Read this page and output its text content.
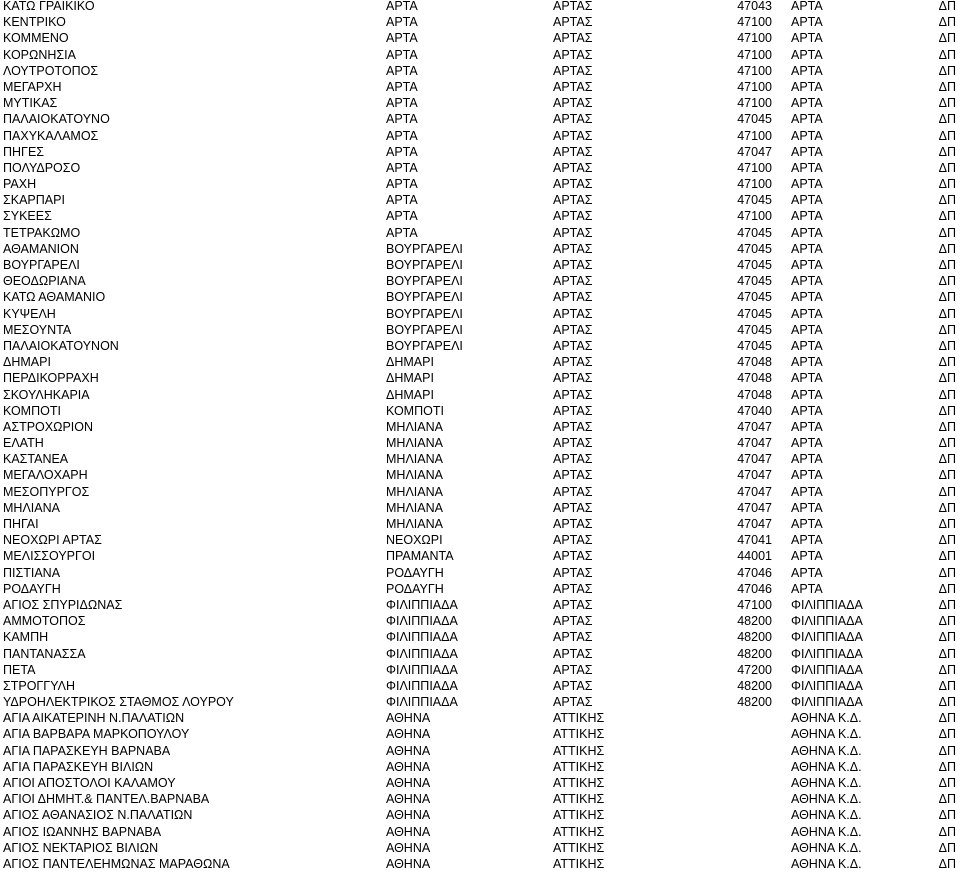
ΚΑΤΩ ΓΡΑΙΚΙΚΟ	ΑΡΤΑ	ΑΡΤΑΣ	47043 ΑΡΤΑ	ΔΠ
ΚΕΝΤΡΙΚΟ	ΑΡΤΑ	ΑΡΤΑΣ	47100 ΑΡΤΑ	ΔΠ
ΚΟΜΜΕΝΟ	ΑΡΤΑ	ΑΡΤΑΣ	47100 ΑΡΤΑ	ΔΠ
ΚΟΡΩΝΗΣΙΑ	ΑΡΤΑ	ΑΡΤΑΣ	47100 ΑΡΤΑ	ΔΠ
ΛΟΥΤΡΟΤΟΠΟΣ	ΑΡΤΑ	ΑΡΤΑΣ	47100 ΑΡΤΑ	ΔΠ
ΜΕΓΑΡΧΗ	ΑΡΤΑ	ΑΡΤΑΣ	47100 ΑΡΤΑ	ΔΠ
ΜΥΤΙΚΑΣ	ΑΡΤΑ	ΑΡΤΑΣ	47100 ΑΡΤΑ	ΔΠ
ΠΑΛΑΙΟΚΑΤΟΥΝΟ	ΑΡΤΑ	ΑΡΤΑΣ	47045 ΑΡΤΑ	ΔΠ
ΠΑΧΥΚΑΛΑΜΟΣ	ΑΡΤΑ	ΑΡΤΑΣ	47100 ΑΡΤΑ	ΔΠ
ΠΗΓΕΣ	ΑΡΤΑ	ΑΡΤΑΣ	47047 ΑΡΤΑ	ΔΠ
ΠΟΛΥΔΡΟΣΟ	ΑΡΤΑ	ΑΡΤΑΣ	47100 ΑΡΤΑ	ΔΠ
ΡΑΧΗ	ΑΡΤΑ	ΑΡΤΑΣ	47100 ΑΡΤΑ	ΔΠ
ΣΚΑΡΠΑΡΙ	ΑΡΤΑ	ΑΡΤΑΣ	47045 ΑΡΤΑ	ΔΠ
ΣΥΚΕΕΣ	ΑΡΤΑ	ΑΡΤΑΣ	47100 ΑΡΤΑ	ΔΠ
ΤΕΤΡΑΚΩΜΟ	ΑΡΤΑ	ΑΡΤΑΣ	47045 ΑΡΤΑ	ΔΠ
ΑΘΑΜΑΝΙΟΝ	ΒΟΥΡΓΑΡΕΛΙ	ΑΡΤΑΣ	47045 ΑΡΤΑ	ΔΠ
ΒΟΥΡΓΑΡΕΛΙ	ΒΟΥΡΓΑΡΕΛΙ	ΑΡΤΑΣ	47045 ΑΡΤΑ	ΔΠ
ΘΕΟΔΩΡΙΑΝΑ	ΒΟΥΡΓΑΡΕΛΙ	ΑΡΤΑΣ	47045 ΑΡΤΑ	ΔΠ
ΚΑΤΩ ΑΘΑΜΑΝΙΟ	ΒΟΥΡΓΑΡΕΛΙ	ΑΡΤΑΣ	47045 ΑΡΤΑ	ΔΠ
ΚΥΨΕΛΗ	ΒΟΥΡΓΑΡΕΛΙ	ΑΡΤΑΣ	47045 ΑΡΤΑ	ΔΠ
ΜΕΣΟΥΝΤΑ	ΒΟΥΡΓΑΡΕΛΙ	ΑΡΤΑΣ	47045 ΑΡΤΑ	ΔΠ
ΠΑΛΑΙΟΚΑΤΟΥΝΟΝ	ΒΟΥΡΓΑΡΕΛΙ	ΑΡΤΑΣ	47045 ΑΡΤΑ	ΔΠ
ΔΗΜΑΡΙ	ΔΗΜΑΡΙ	ΑΡΤΑΣ	47048 ΑΡΤΑ	ΔΠ
ΠΕΡΔΙΚΟΡΡΑΧΗ	ΔΗΜΑΡΙ	ΑΡΤΑΣ	47048 ΑΡΤΑ	ΔΠ
ΣΚΟΥΛΗΚΑΡΙΑ	ΔΗΜΑΡΙ	ΑΡΤΑΣ	47048 ΑΡΤΑ	ΔΠ
ΚΟΜΠΟΤΙ	ΚΟΜΠΟΤΙ	ΑΡΤΑΣ	47040 ΑΡΤΑ	ΔΠ
ΑΣΤΡΟΧΩΡΙΟΝ	ΜΗΛΙΑΝΑ	ΑΡΤΑΣ	47047 ΑΡΤΑ	ΔΠ
ΕΛΑΤΗ	ΜΗΛΙΑΝΑ	ΑΡΤΑΣ	47047 ΑΡΤΑ	ΔΠ
ΚΑΣΤΑΝΕΑ	ΜΗΛΙΑΝΑ	ΑΡΤΑΣ	47047 ΑΡΤΑ	ΔΠ
ΜΕΓΑΛΟΧΑΡΗ	ΜΗΛΙΑΝΑ	ΑΡΤΑΣ	47047 ΑΡΤΑ	ΔΠ
ΜΕΣΟΠΥΡΓΟΣ	ΜΗΛΙΑΝΑ	ΑΡΤΑΣ	47047 ΑΡΤΑ	ΔΠ
ΜΗΛΙΑΝΑ	ΜΗΛΙΑΝΑ	ΑΡΤΑΣ	47047 ΑΡΤΑ	ΔΠ
ΠΗΓΑΙ	ΜΗΛΙΑΝΑ	ΑΡΤΑΣ	47047 ΑΡΤΑ	ΔΠ
ΝΕΟΧΩΡΙ ΑΡΤΑΣ	ΝΕΟΧΩΡΙ	ΑΡΤΑΣ	47041 ΑΡΤΑ	ΔΠ
ΜΕΛΙΣΣΟΥΡΓΟΙ	ΠΡΑΜΑΝΤΑ	ΑΡΤΑΣ	44001 ΑΡΤΑ	ΔΠ
ΠΙΣΤΙΑΝΑ	ΡΟΔΑΥΓΗ	ΑΡΤΑΣ	47046 ΑΡΤΑ	ΔΠ
ΡΟΔΑΥΓΗ	ΡΟΔΑΥΓΗ	ΑΡΤΑΣ	47046 ΑΡΤΑ	ΔΠ
ΑΓΙΟΣ ΣΠΥΡΙΔΩΝΑΣ	ΦΙΛΙΠΠΙΑΔΑ	ΑΡΤΑΣ	47100 ΦΙΛΙΠΠΙΑΔΑ	ΔΠ
ΑΜΜΟΤΟΠΟΣ	ΦΙΛΙΠΠΙΑΔΑ	ΑΡΤΑΣ	48200 ΦΙΛΙΠΠΙΑΔΑ	ΔΠ
ΚΑΜΠΗ	ΦΙΛΙΠΠΙΑΔΑ	ΑΡΤΑΣ	48200 ΦΙΛΙΠΠΙΑΔΑ	ΔΠ
ΠΑΝΤΑΝΑΣΣΑ	ΦΙΛΙΠΠΙΑΔΑ	ΑΡΤΑΣ	48200 ΦΙΛΙΠΠΙΑΔΑ	ΔΠ
ΠΕΤΑ	ΦΙΛΙΠΠΙΑΔΑ	ΑΡΤΑΣ	47200 ΦΙΛΙΠΠΙΑΔΑ	ΔΠ
ΣΤΡΟΓΓΥΛΗ	ΦΙΛΙΠΠΙΑΔΑ	ΑΡΤΑΣ	48200 ΦΙΛΙΠΠΙΑΔΑ	ΔΠ
ΥΔΡΟΗΛΕΚΤΡΙΚΟΣ ΣΤΑΘΜΟΣ ΛΟΥΡΟΥ	ΦΙΛΙΠΠΙΑΔΑ	ΑΡΤΑΣ	48200 ΦΙΛΙΠΠΙΑΔΑ	ΔΠ
ΑΓΙΑ ΑΙΚΑΤΕΡΙΝΗ Ν.ΠΑΛΑΤΙΩΝ	ΑΘΗΝΑ	ΑΤΤΙΚΗΣ	ΑΘΗΝΑ Κ.Δ.	ΔΠ
ΑΓΙΑ ΒΑΡΒΑΡΑ ΜΑΡΚΟΠΟΥΛΟΥ	ΑΘΗΝΑ	ΑΤΤΙΚΗΣ	ΑΘΗΝΑ Κ.Δ.	ΔΠ
ΑΓΙΑ ΠΑΡΑΣΚΕΥΗ ΒΑΡΝΑΒΑ	ΑΘΗΝΑ	ΑΤΤΙΚΗΣ	ΑΘΗΝΑ Κ.Δ.	ΔΠ
ΑΓΙΑ ΠΑΡΑΣΚΕΥΗ ΒΙΛΙΩΝ	ΑΘΗΝΑ	ΑΤΤΙΚΗΣ	ΑΘΗΝΑ Κ.Δ.	ΔΠ
ΑΓΙΟΙ ΑΠΟΣΤΟΛΟΙ ΚΑΛΑΜΟΥ	ΑΘΗΝΑ	ΑΤΤΙΚΗΣ	ΑΘΗΝΑ Κ.Δ.	ΔΠ
ΑΓΙΟΙ ΔΗΜΗΤ.& ΠΑΝΤΕΛ.ΒΑΡΝΑΒΑ	ΑΘΗΝΑ	ΑΤΤΙΚΗΣ	ΑΘΗΝΑ Κ.Δ.	ΔΠ
ΑΓΙΟΣ ΑΘΑΝΑΣΙΟΣ Ν.ΠΑΛΑΤΙΩΝ	ΑΘΗΝΑ	ΑΤΤΙΚΗΣ	ΑΘΗΝΑ Κ.Δ.	ΔΠ
ΑΓΙΟΣ ΙΩΑΝΝΗΣ ΒΑΡΝΑΒΑ	ΑΘΗΝΑ	ΑΤΤΙΚΗΣ	ΑΘΗΝΑ Κ.Δ.	ΔΠ
ΑΓΙΟΣ ΝΕΚΤΑΡΙΟΣ ΒΙΛΙΩΝ	ΑΘΗΝΑ	ΑΤΤΙΚΗΣ	ΑΘΗΝΑ Κ.Δ.	ΔΠ
ΑΓΙΟΣ ΠΑΝΤΕΛΕΗΜΩΝΑΣ ΜΑΡΑΘΩΝΑ	ΑΘΗΝΑ	ΑΤΤΙΚΗΣ	ΑΘΗΝΑ Κ.Δ.	ΔΠ
